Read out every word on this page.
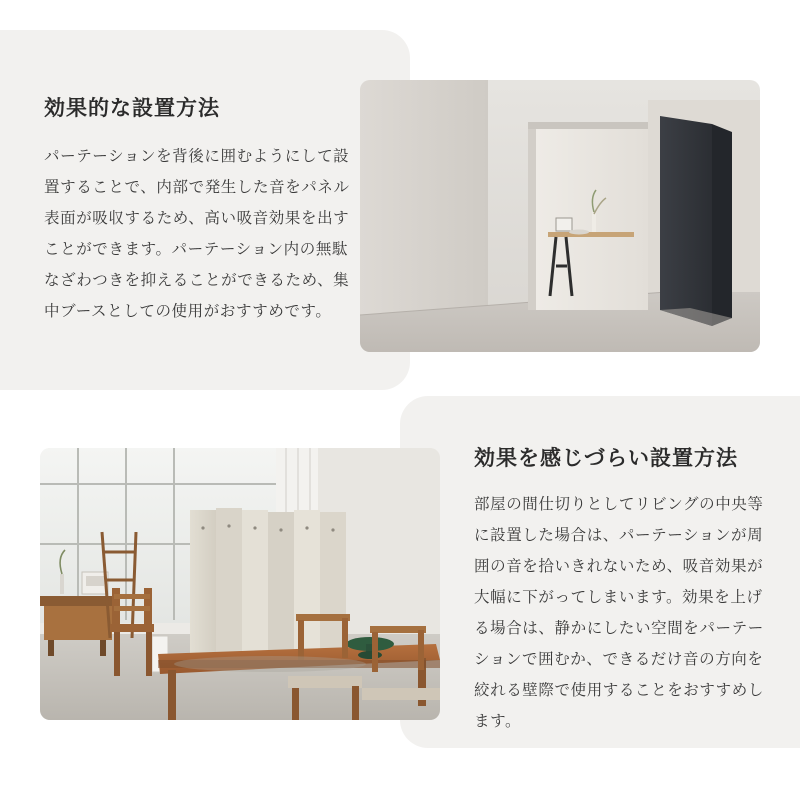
効果的な設置方法

パーテーションを背後に囲むようにして設置することで、内部で発生した音をパネル表面が吸収するため、高い吸音効果を出すことができます。パーテーション内の無駄なざわつきを抑えることができるため、集中ブースとしての使用がおすすめです。

効果を感じづらい設置方法

部屋の間仕切りとしてリビングの中央等に設置した場合は、パーテーションが周囲の音を拾いきれないため、吸音効果が大幅に下がってしまいます。効果を上げる場合は、静かにしたい空間をパーテーションで囲むか、できるだけ音の方向を絞れる壁際で使用することをおすすめします。
